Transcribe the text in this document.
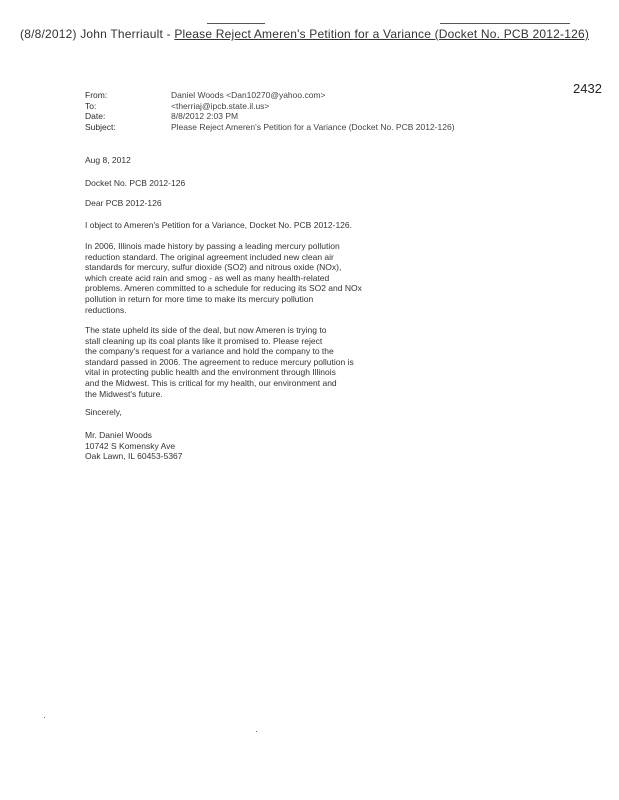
(8/8/2012) John Therriault - Please Reject Ameren's Petition for a Variance (Docket No. PCB 2012-126)
2432
From:	Daniel Woods <Dan10270@yahoo.com>
To:	<therriaj@ipcb.state.il.us>
Date:	8/8/2012 2:03 PM
Subject:	Please Reject Ameren's Petition for a Variance (Docket No. PCB 2012-126)

Aug 8, 2012

Docket No. PCB 2012-126

Dear PCB 2012-126

I object to Ameren's Petition for a Variance, Docket No. PCB 2012-126.

In 2006, Illinois made history by passing a leading mercury pollution

reduction standard. The original agreement included new clean air

standards for mercury, sulfur dioxide (SO2) and nitrous oxide (NOx),

which create acid rain and smog - as well as many health-related

problems. Ameren committed to a schedule for reducing its SO2 and NOx

pollution in return for more time to make its mercury pollution

reductions.

The state upheld its side of the deal, but now Ameren is trying to

stall cleaning up its coal plants like it promised to. Please reject

the company's request for a variance and hold the company to the

standard passed in 2006. The agreement to reduce mercury pollution is

vital in protecting public health and the environment through Illinois

and the Midwest. This is critical for my health, our environment and

the Midwest's future.

Sincerely,

Mr. Daniel Woods

10742 S Komensky Ave

Oak Lawn, IL 60453-5367
